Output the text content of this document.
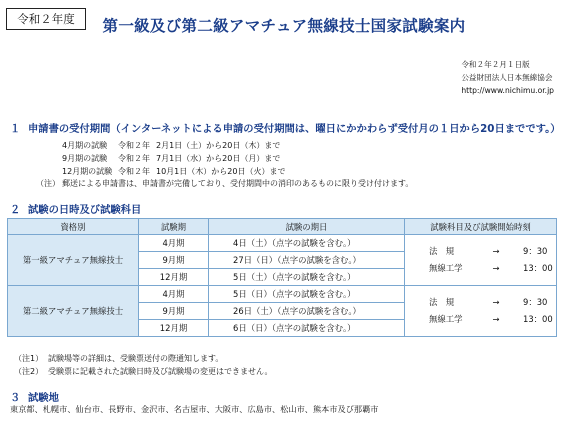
令和２年度	第一級及び第二級アマチュア無線技士国家試験案内
令和２年２月１日版
公益財団法人日本無線協会
http://www.nichimu.or.jp
１ 申請書の受付期間（インターネットによる申請の受付期間は、曜日にかかわらず受付月の１日から20日までです。）
4月期の試験 令和２年 2月1日（土）から20日（木）まで
9月期の試験 令和２年 7月1日（水）から20日（月）まで
12月期の試験 令和２年 10月1日（木）から20日（火）まで
（注） 郵送による申請書は、申請書が完備しており、受付期間中の消印のあるものに限り受け付けます。
２ 試験の日時及び試験科目
資格別	試験期	試験の期日	試験科目及び試験開始時刻
第一級アマチュア無線技士	4月期	4日（土）（点字の試験を含む。）	法　規 → 9：30
無線工学 → 13：00

	9月期	27日（日）（点字の試験を含む。）	
	12月期	5日（土）（点字の試験を含む。）	
第二級アマチュア無線技士	4月期	5日（日）（点字の試験を含む。）	法　規 → 9：30
無線工学 → 13：00

	9月期	26日（土）（点字の試験を含む。）	
	12月期	6日（日）（点字の試験を含む。）	
（注1） 試験場等の詳細は、受験票送付の際通知します。
（注2） 受験票に記載された試験日時及び試験場の変更はできません。
３ 試験地
東京都、札幌市、仙台市、長野市、金沢市、名古屋市、大阪市、広島市、松山市、熊本市及び那覇市
